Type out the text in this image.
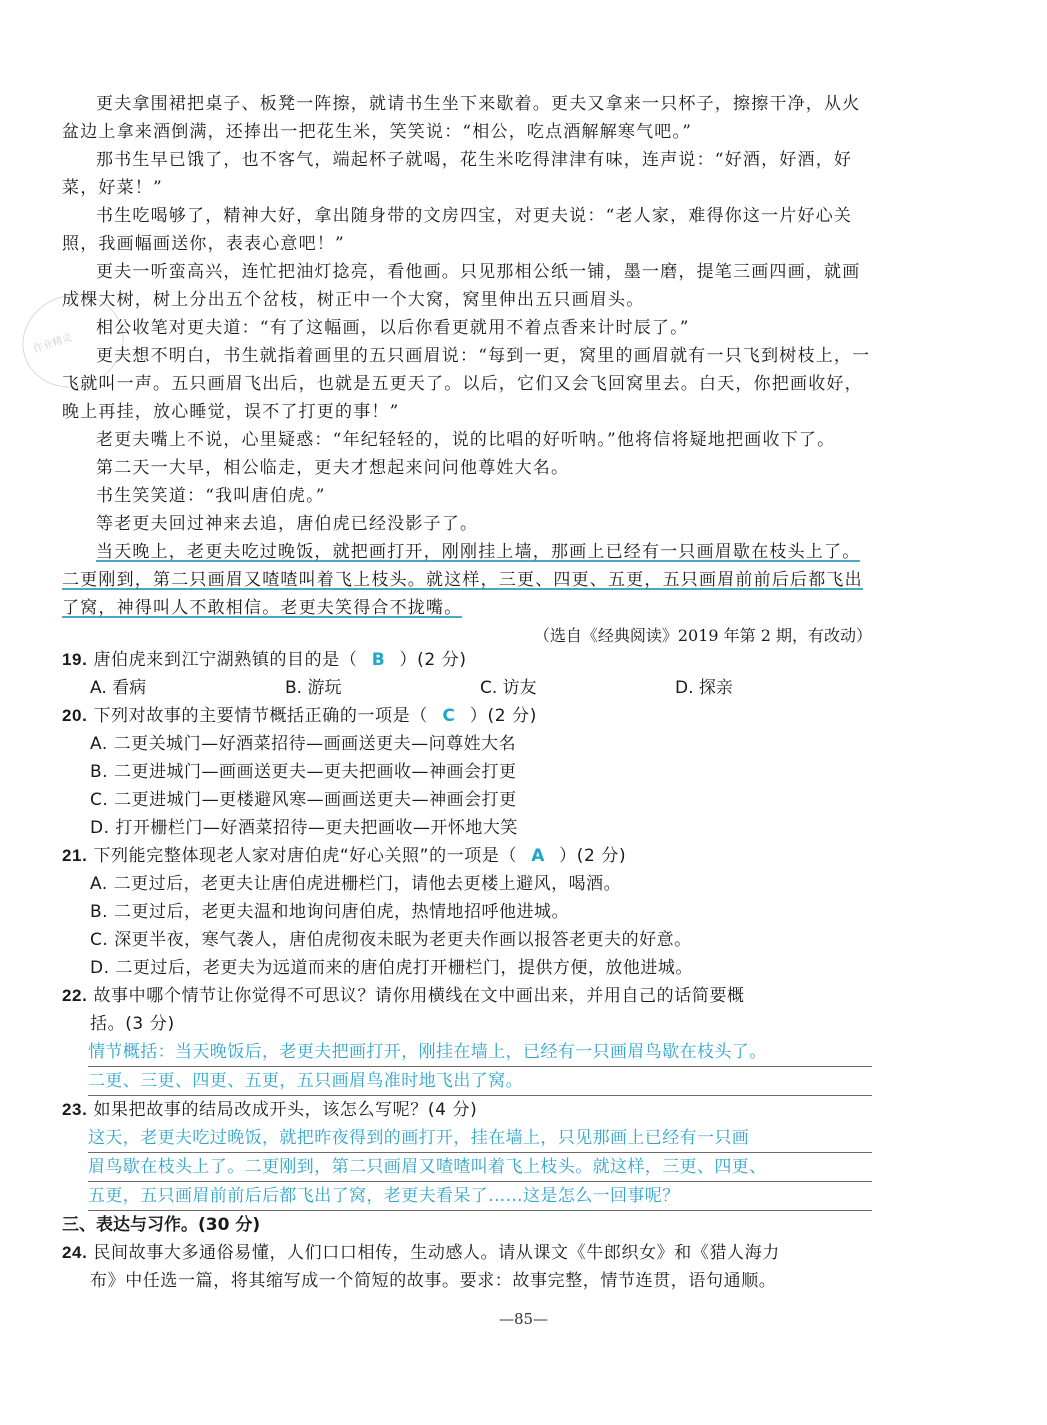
作业精灵

更夫拿围裙把桌子、板凳一阵擦，就请书生坐下来歇着。更夫又拿来一只杯子，擦擦干净，从火盆边上拿来酒倒满，还捧出一把花生米，笑笑说：“相公，吃点酒解解寒气吧。”

那书生早已饿了，也不客气，端起杯子就喝，花生米吃得津津有味，连声说：“好酒，好酒，好菜，好菜！”

书生吃喝够了，精神大好，拿出随身带的文房四宝，对更夫说：“老人家，难得你这一片好心关照，我画幅画送你，表表心意吧！”

更夫一听蛮高兴，连忙把油灯捻亮，看他画。只见那相公纸一铺，墨一磨，提笔三画四画，就画成棵大树，树上分出五个岔枝，树正中一个大窝，窝里伸出五只画眉头。

相公收笔对更夫道：“有了这幅画，以后你看更就用不着点香来计时辰了。”

更夫想不明白，书生就指着画里的五只画眉说：“每到一更，窝里的画眉就有一只飞到树枝上，一飞就叫一声。五只画眉飞出后，也就是五更天了。以后，它们又会飞回窝里去。白天，你把画收好，晚上再挂，放心睡觉，误不了打更的事！”

老更夫嘴上不说，心里疑惑：“年纪轻轻的，说的比唱的好听呐。”他将信将疑地把画收下了。

第二天一大早，相公临走，更夫才想起来问问他尊姓大名。

书生笑笑道：“我叫唐伯虎。”

等老更夫回过神来去追，唐伯虎已经没影子了。

当天晚上，老更夫吃过晚饭，就把画打开，刚刚挂上墙，那画上已经有一只画眉歇在枝头上了。二更刚到，第二只画眉又喳喳叫着飞上枝头。就这样，三更、四更、五更，五只画眉前前后后都飞出了窝，神得叫人不敢相信。老更夫笑得合不拢嘴。

（选自《经典阅读》2019 年第 2 期，有改动）

19. 唐伯虎来到江宁湖熟镇的目的是（ B ）(2 分)

A. 看病	B. 游玩	C. 访友	D. 探亲

20. 下列对故事的主要情节概括正确的一项是（ C ）(2 分)

A. 二更关城门—好酒菜招待—画画送更夫—问尊姓大名

B. 二更进城门—画画送更夫—更夫把画收—神画会打更

C. 二更进城门—更楼避风寒—画画送更夫—神画会打更

D. 打开栅栏门—好酒菜招待—更夫把画收—开怀地大笑

21. 下列能完整体现老人家对唐伯虎“好心关照”的一项是（ A ）(2 分)

A. 二更过后，老更夫让唐伯虎进栅栏门，请他去更楼上避风，喝酒。

B. 二更过后，老更夫温和地询问唐伯虎，热情地招呼他进城。

C. 深更半夜，寒气袭人，唐伯虎彻夜未眠为老更夫作画以报答老更夫的好意。

D. 二更过后，老更夫为远道而来的唐伯虎打开栅栏门，提供方便，放他进城。

22. 故事中哪个情节让你觉得不可思议？请你用横线在文中画出来，并用自己的话简要概

括。(3 分)

情节概括：当天晚饭后，老更夫把画打开，刚挂在墙上，已经有一只画眉鸟歇在枝头了。
二更、三更、四更、五更，五只画眉鸟准时地飞出了窝。

23. 如果把故事的结局改成开头，该怎么写呢？(4 分)

这天，老更夫吃过晚饭，就把昨夜得到的画打开，挂在墙上，只见那画上已经有一只画
眉鸟歇在枝头上了。二更刚到，第二只画眉又喳喳叫着飞上枝头。就这样，三更、四更、
五更，五只画眉前前后后都飞出了窝，老更夫看呆了……这是怎么一回事呢？

三、表达与习作。(30 分)

24. 民间故事大多通俗易懂，人们口口相传，生动感人。请从课文《牛郎织女》和《猎人海力

布》中任选一篇，将其缩写成一个简短的故事。要求：故事完整，情节连贯，语句通顺。

—85—
